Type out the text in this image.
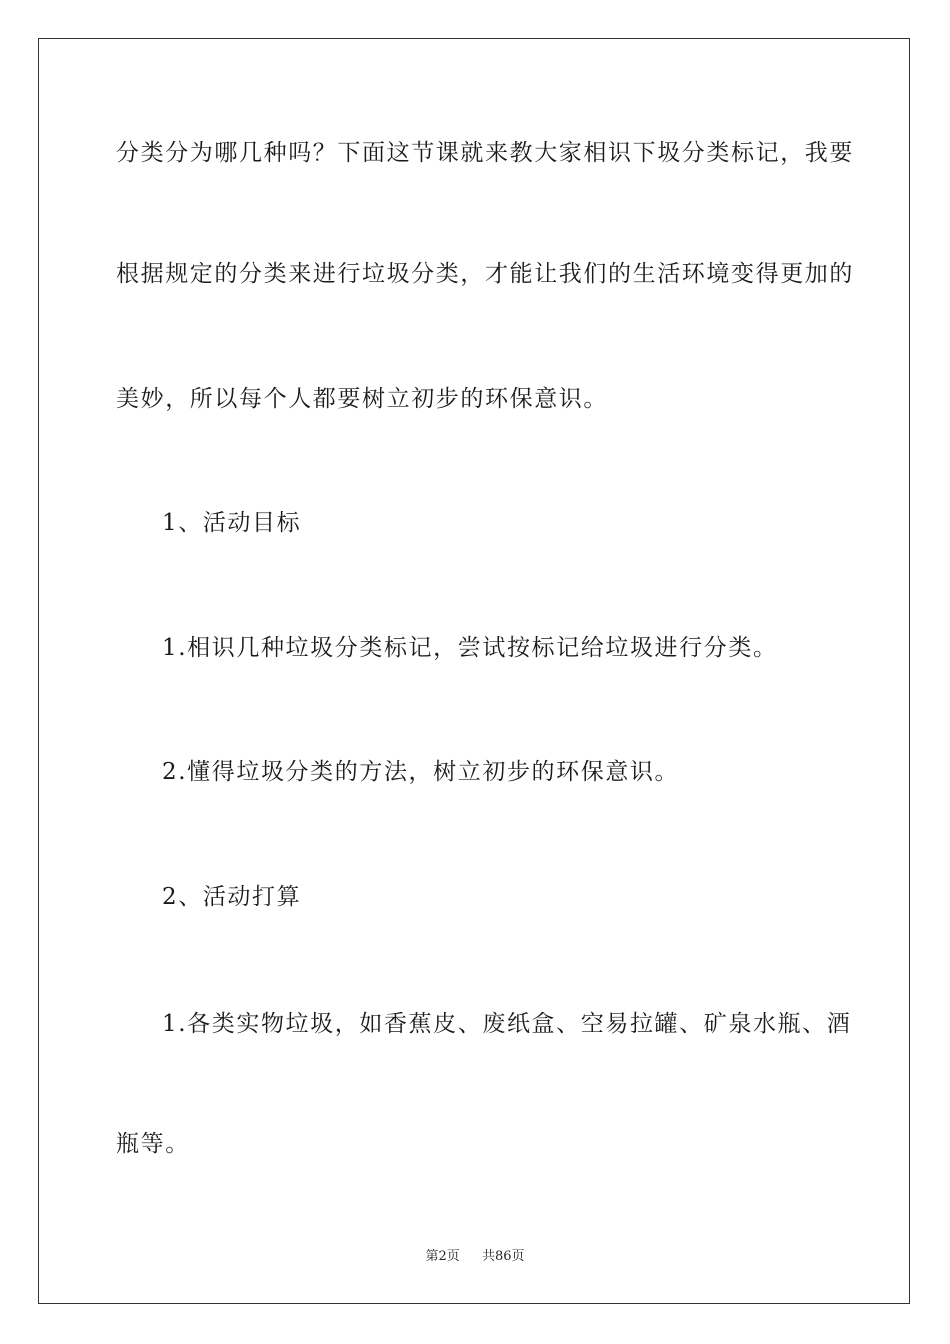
分类分为哪几种吗？下面这节课就来教大家相识下圾分类标记，我要
根据规定的分类来进行垃圾分类，才能让我们的生活环境变得更加的
美妙，所以每个人都要树立初步的环保意识。
1、活动目标
1.相识几种垃圾分类标记，尝试按标记给垃圾进行分类。
2.懂得垃圾分类的方法，树立初步的环保意识。
2、活动打算
1.各类实物垃圾，如香蕉皮、废纸盒、空易拉罐、矿泉水瓶、酒
瓶等。
第2页 共86页
